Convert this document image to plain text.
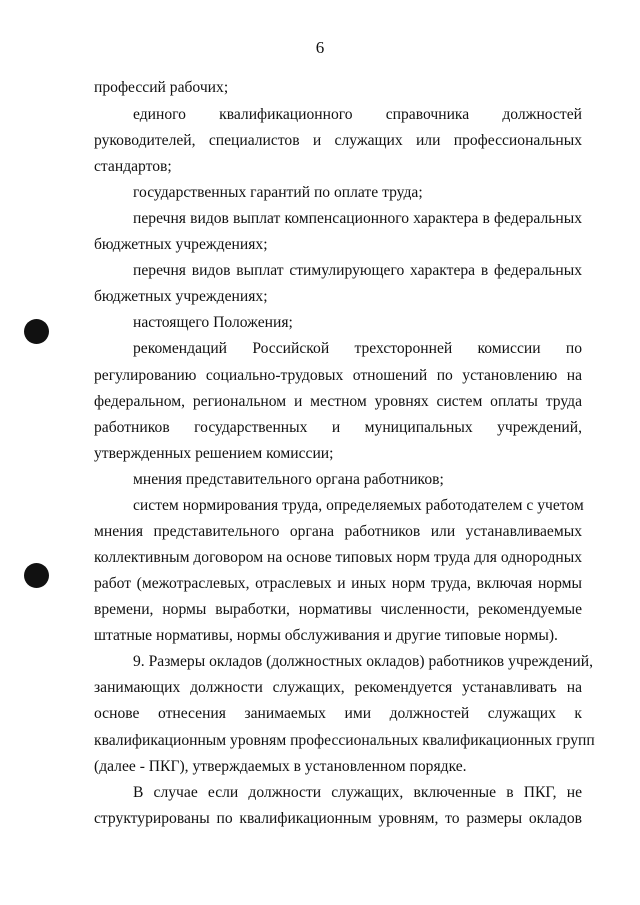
6
профессий рабочих;
единого квалификационного справочника должностей
руководителей, специалистов и служащих или профессиональных
стандартов;
государственных гарантий по оплате труда;
перечня видов выплат компенсационного характера в федеральных
бюджетных учреждениях;
перечня видов выплат стимулирующего характера в федеральных
бюджетных учреждениях;
настоящего Положения;
рекомендаций Российской трехсторонней комиссии по
регулированию социально-трудовых отношений по установлению на
федеральном, региональном и местном уровнях систем оплаты труда
работников государственных и муниципальных учреждений,
утвержденных решением комиссии;
мнения представительного органа работников;
систем нормирования труда, определяемых работодателем с учетом
мнения представительного органа работников или устанавливаемых
коллективным договором на основе типовых норм труда для однородных
работ (межотраслевых, отраслевых и иных норм труда, включая нормы
времени, нормы выработки, нормативы численности, рекомендуемые
штатные нормативы, нормы обслуживания и другие типовые нормы).
9. Размеры окладов (должностных окладов) работников учреждений,
занимающих должности служащих, рекомендуется устанавливать на
основе отнесения занимаемых ими должностей служащих к
квалификационным уровням профессиональных квалификационных групп
(далее - ПКГ), утверждаемых в установленном порядке.
В случае если должности служащих, включенные в ПКГ, не
структурированы по квалификационным уровням, то размеры окладов
